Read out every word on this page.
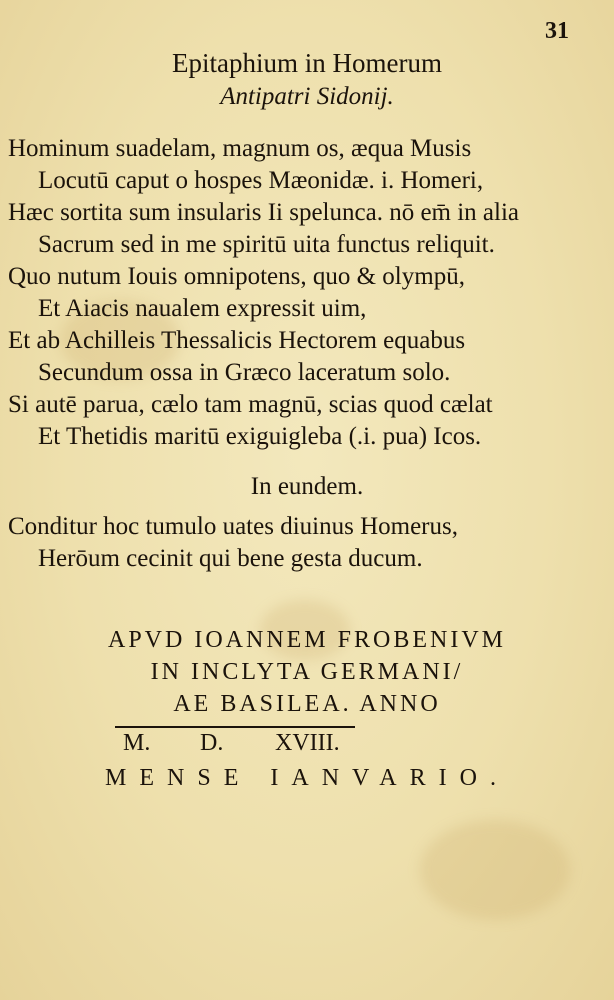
31
Epitaphium in Homerum
Antipatri Sidonij.
Hominum suadelam, magnum os, æqua Musis
Locutū caput o hospes Mæonidæ. i. Homeri,
Hæc sortita sum insularis Ii spelunca. nō em̄ in alia
Sacrum sed in me spiritū uita functus reliquit.
Quo nutum Iouis omnipotens, quo & olympū,
Et Aiacis naualem expressit uim,
Et ab Achilleis Thessalicis Hectorem equabus
Secundum ossa in Græco laceratum solo.
Si autē parua, cælo tam magnū, scias quod cælat
Et Thetidis maritū exiguigleba (.i. pua) Icos.
In eundem.
Conditur hoc tumulo uates diuinus Homerus,
Herōum cecinit qui bene gesta ducum.
APVD IOANNEM FROBENIVM
IN INCLYTA GERMANI/
AE BASILEA. ANNO
M. D. XVIII.
MENSE IANVARIO.
